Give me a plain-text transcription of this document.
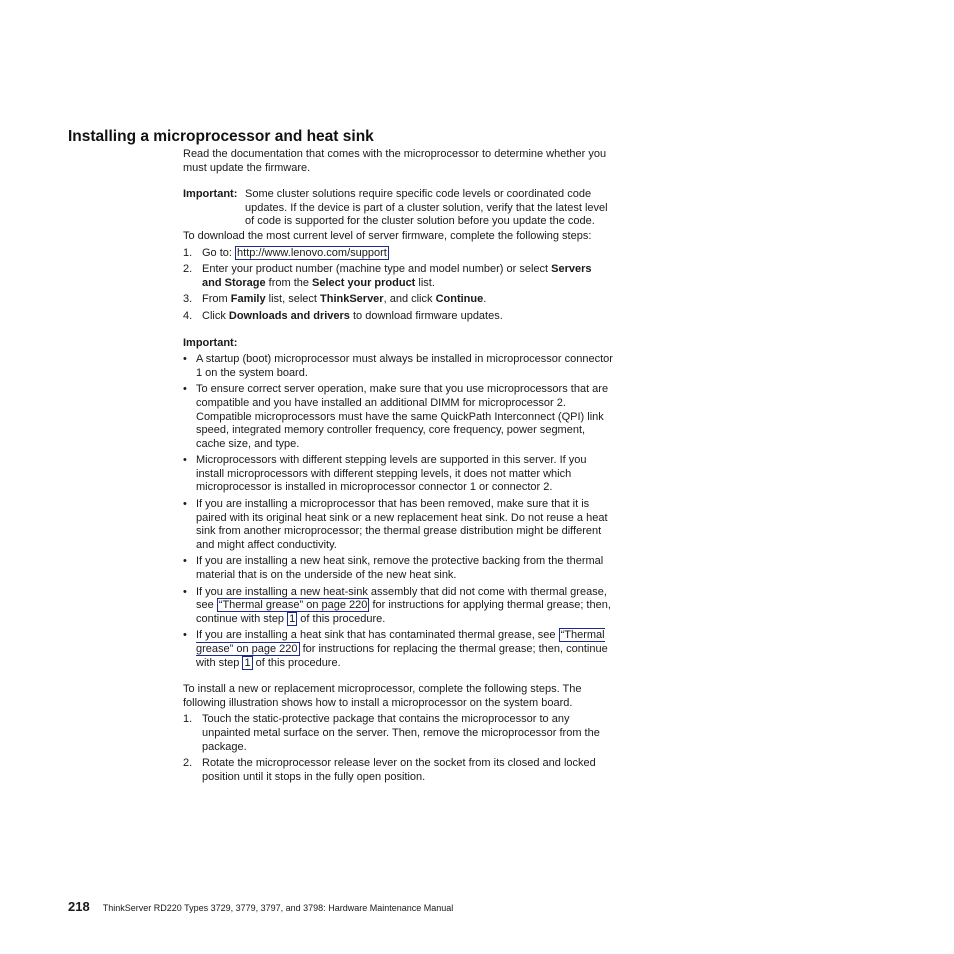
Installing a microprocessor and heat sink

Read the documentation that comes with the microprocessor to determine whether you must update the firmware.

Important: Some cluster solutions require specific code levels or coordinated code updates. If the device is part of a cluster solution, verify that the latest level of code is supported for the cluster solution before you update the code.

To download the most current level of server firmware, complete the following steps:

1. Go to: http://www.lenovo.com/support
2. Enter your product number (machine type and model number) or select Servers and Storage from the Select your product list.
3. From Family list, select ThinkServer, and click Continue.
4. Click Downloads and drivers to download firmware updates.

Important:

• A startup (boot) microprocessor must always be installed in microprocessor connector 1 on the system board.
• To ensure correct server operation, make sure that you use microprocessors that are compatible and you have installed an additional DIMM for microprocessor 2. Compatible microprocessors must have the same QuickPath Interconnect (QPI) link speed, integrated memory controller frequency, core frequency, power segment, cache size, and type.
• Microprocessors with different stepping levels are supported in this server. If you install microprocessors with different stepping levels, it does not matter which microprocessor is installed in microprocessor connector 1 or connector 2.
• If you are installing a microprocessor that has been removed, make sure that it is paired with its original heat sink or a new replacement heat sink. Do not reuse a heat sink from another microprocessor; the thermal grease distribution might be different and might affect conductivity.
• If you are installing a new heat sink, remove the protective backing from the thermal material that is on the underside of the new heat sink.
• If you are installing a new heat-sink assembly that did not come with thermal grease, see “Thermal grease” on page 220 for instructions for applying thermal grease; then, continue with step 1 of this procedure.
• If you are installing a heat sink that has contaminated thermal grease, see “Thermal grease” on page 220 for instructions for replacing the thermal grease; then, continue with step 1 of this procedure.

To install a new or replacement microprocessor, complete the following steps. The following illustration shows how to install a microprocessor on the system board.

1. Touch the static-protective package that contains the microprocessor to any unpainted metal surface on the server. Then, remove the microprocessor from the package.
2. Rotate the microprocessor release lever on the socket from its closed and locked position until it stops in the fully open position.
218 ThinkServer RD220 Types 3729, 3779, 3797, and 3798: Hardware Maintenance Manual
